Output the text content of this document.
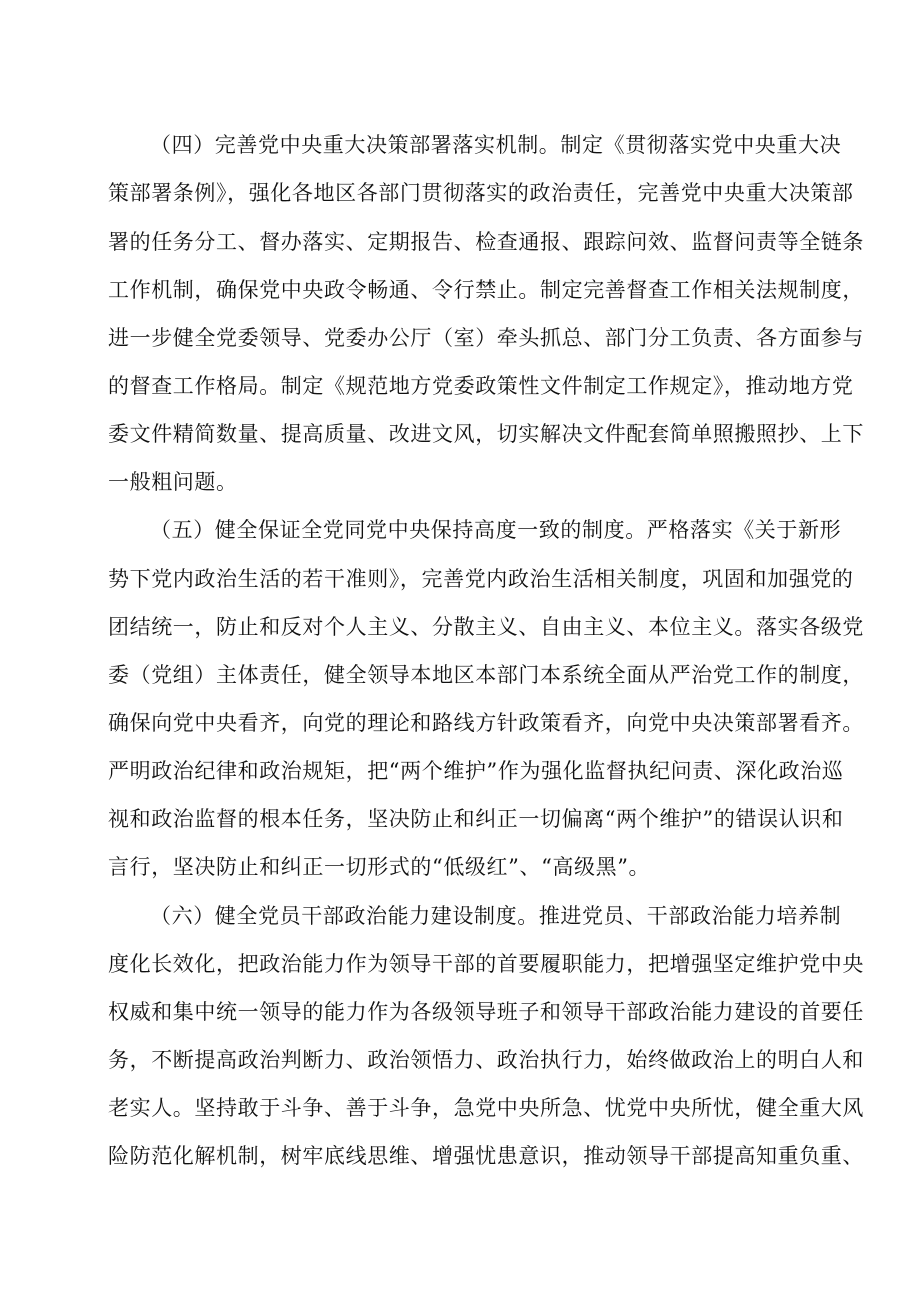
（四）完善党中央重大决策部署落实机制。制定《贯彻落实党中央重大决
策部署条例》，强化各地区各部门贯彻落实的政治责任，完善党中央重大决策部
署的任务分工、督办落实、定期报告、检查通报、跟踪问效、监督问责等全链条
工作机制，确保党中央政令畅通、令行禁止。制定完善督查工作相关法规制度，
进一步健全党委领导、党委办公厅（室）牵头抓总、部门分工负责、各方面参与
的督查工作格局。制定《规范地方党委政策性文件制定工作规定》，推动地方党
委文件精简数量、提高质量、改进文风，切实解决文件配套简单照搬照抄、上下
一般粗问题。
（五）健全保证全党同党中央保持高度一致的制度。严格落实《关于新形
势下党内政治生活的若干准则》，完善党内政治生活相关制度，巩固和加强党的
团结统一，防止和反对个人主义、分散主义、自由主义、本位主义。落实各级党
委（党组）主体责任，健全领导本地区本部门本系统全面从严治党工作的制度，
确保向党中央看齐，向党的理论和路线方针政策看齐，向党中央决策部署看齐。
严明政治纪律和政治规矩，把“两个维护”作为强化监督执纪问责、深化政治巡
视和政治监督的根本任务，坚决防止和纠正一切偏离“两个维护”的错误认识和
言行，坚决防止和纠正一切形式的“低级红”、“高级黑”。
（六）健全党员干部政治能力建设制度。推进党员、干部政治能力培养制
度化长效化，把政治能力作为领导干部的首要履职能力，把增强坚定维护党中央
权威和集中统一领导的能力作为各级领导班子和领导干部政治能力建设的首要任
务，不断提高政治判断力、政治领悟力、政治执行力，始终做政治上的明白人和
老实人。坚持敢于斗争、善于斗争，急党中央所急、忧党中央所忧，健全重大风
险防范化解机制，树牢底线思维、增强忧患意识，推动领导干部提高知重负重、
